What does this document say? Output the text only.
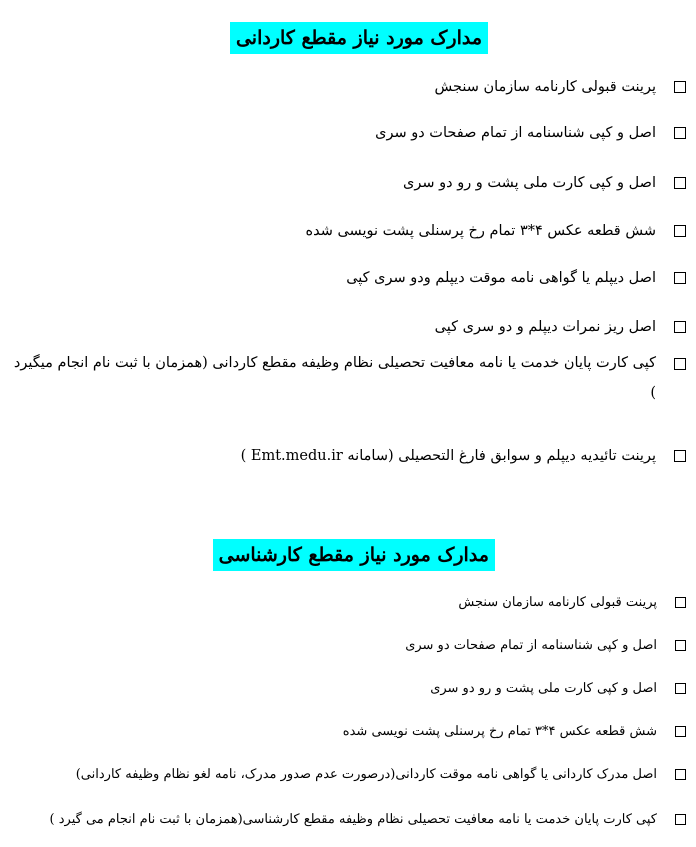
مدارک مورد نیاز مقطع کاردانی
پرینت قبولی کارنامه سازمان سنجش
اصل و کپی شناسنامه از تمام صفحات دو سری
اصل و کپی کارت ملی پشت و رو دو سری
شش قطعه عکس ۴*۳ تمام رخ پرسنلی پشت نویسی شده
اصل دیپلم یا گواهی نامه موقت دیپلم ودو سری کپی
اصل ریز نمرات دیپلم و دو سری کپی
کپی کارت پایان خدمت یا نامه معافیت تحصیلی نظام وظیفه مقطع کاردانی (همزمان با ثبت نام انجام میگیرد )
پرینت تائیدیه دیپلم و سوابق فارغ التحصیلی (سامانه Emt.medu.ir )
مدارک مورد نیاز مقطع کارشناسی
پرینت قبولی کارنامه سازمان سنجش
اصل و کپی شناسنامه از تمام صفحات دو سری
اصل و کپی کارت ملی پشت و رو دو سری
شش قطعه عکس ۴*۳ تمام رخ پرسنلی پشت نویسی شده
اصل مدرک کاردانی یا گواهی نامه موقت کاردانی(درصورت عدم صدور مدرک، نامه لغو نظام وظیفه کاردانی)
کپی کارت پایان خدمت یا نامه معافیت تحصیلی نظام وظیفه مقطع کارشناسی(همزمان با ثبت نام انجام می گیرد )
